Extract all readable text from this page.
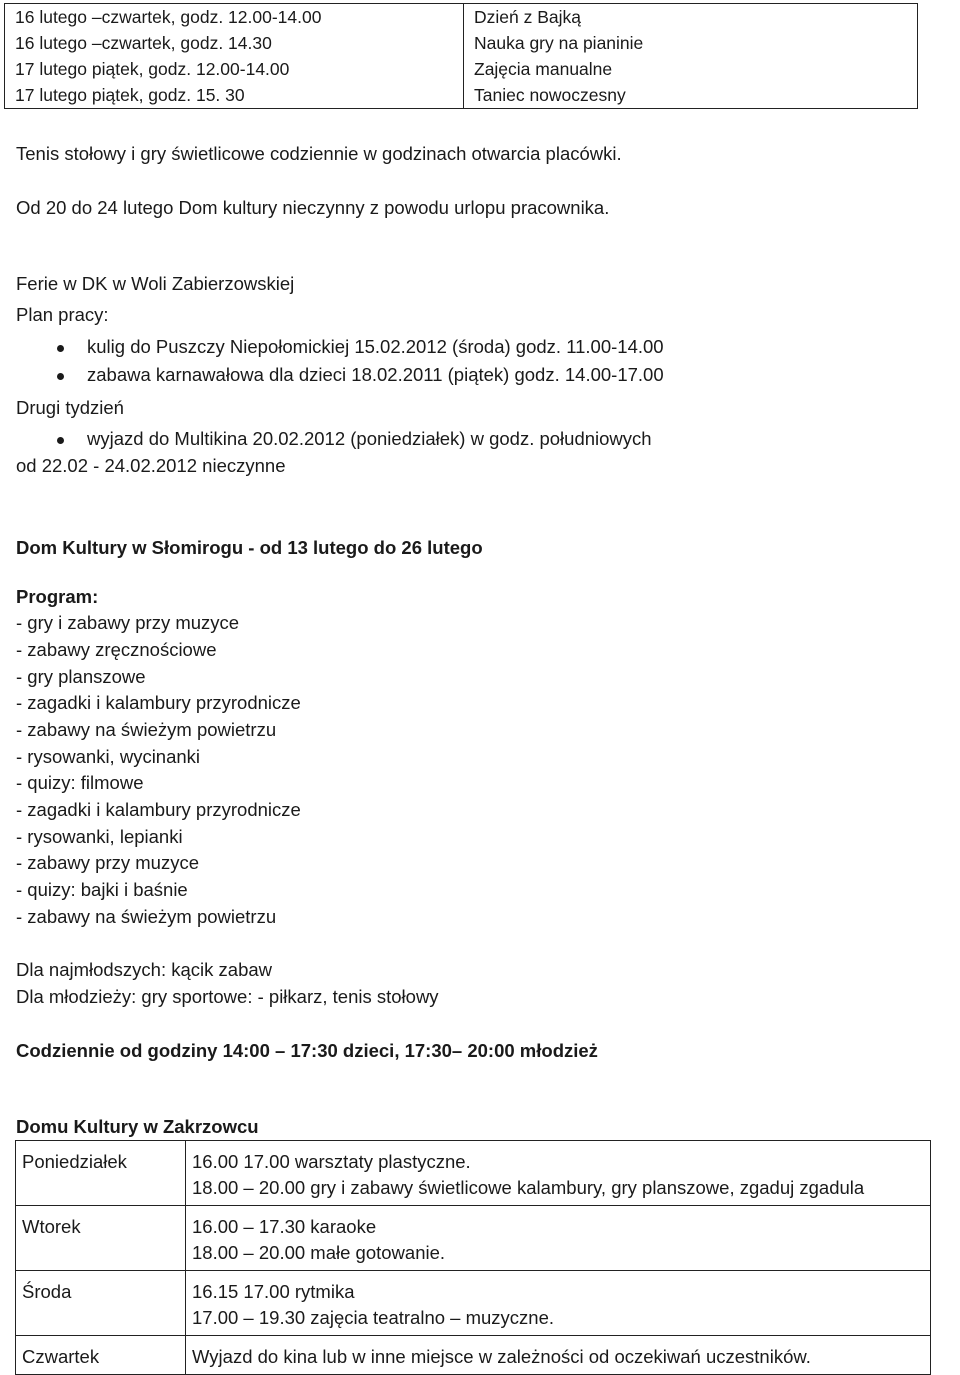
16 lutego –czwartek, godz. 12.00-14.00	Dzień z Bajką
16 lutego –czwartek, godz. 14.30	Nauka gry na pianinie
17 lutego piątek, godz. 12.00-14.00	Zajęcia manualne
17 lutego piątek, godz. 15. 30	Taniec nowoczesny
Tenis stołowy i gry świetlicowe codziennie w godzinach otwarcia placówki.
Od 20 do 24 lutego Dom kultury nieczynny z powodu urlopu pracownika.
Ferie w DK w Woli Zabierzowskiej
Plan pracy:
kulig do Puszczy Niepołomickiej 15.02.2012 (środa) godz. 11.00-14.00
zabawa karnawałowa dla dzieci 18.02.2011 (piątek) godz. 14.00-17.00
Drugi tydzień
wyjazd do Multikina 20.02.2012 (poniedziałek) w godz. południowych
od 22.02 - 24.02.2012 nieczynne
Dom Kultury w Słomirogu - od 13 lutego do 26 lutego
Program:
- gry i zabawy przy muzyce
- zabawy zręcznościowe
- gry planszowe
- zagadki i kalambury przyrodnicze
- zabawy na świeżym powietrzu
- rysowanki, wycinanki
- quizy: filmowe
- zagadki i kalambury przyrodnicze
- rysowanki, lepianki
- zabawy przy muzyce
- quizy: bajki i baśnie
- zabawy na świeżym powietrzu
Dla najmłodszych: kącik zabaw
Dla młodzieży: gry sportowe: - piłkarz, tenis stołowy
Codziennie od godziny 14:00 – 17:30 dzieci, 17:30– 20:00 młodzież
Domu Kultury w Zakrzowcu
Poniedziałek	16.00 17.00 warsztaty plastyczne.
18.00 – 20.00 gry i zabawy świetlicowe kalambury, gry planszowe, zgaduj zgadula

Wtorek	16.00 – 17.30 karaoke
18.00 – 20.00 małe gotowanie.

Środa	16.15 17.00 rytmika
17.00 – 19.30 zajęcia teatralno – muzyczne.

Czwartek	Wyjazd do kina lub w inne miejsce w zależności od oczekiwań uczestników.
